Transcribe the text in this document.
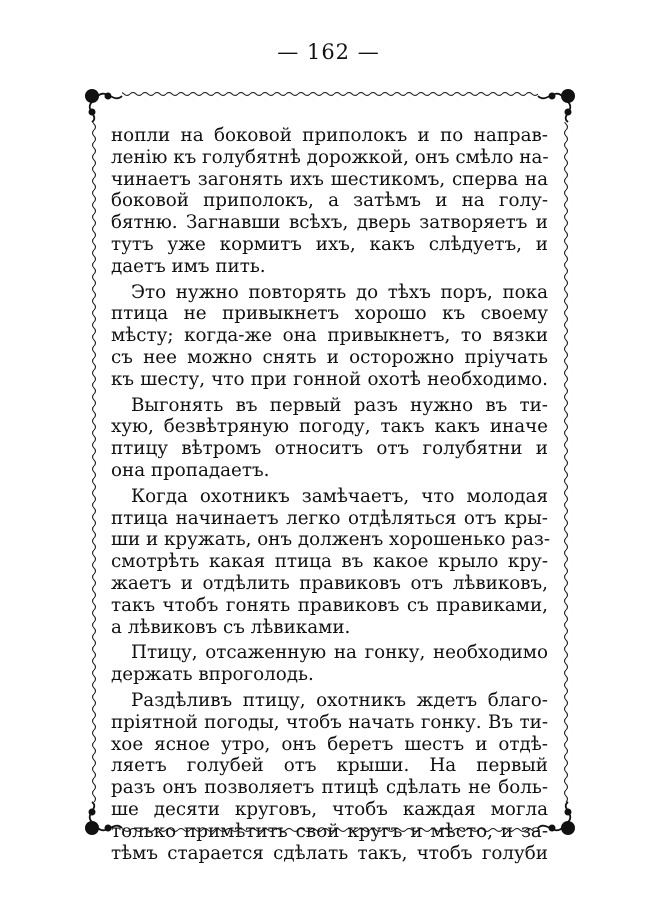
— 162 —
нопли на боковой приполокъ и по направ-
ленію къ голубятнѣ дорожкой, онъ смѣло на-
чинаетъ загонять ихъ шестикомъ, сперва на
боковой приполокъ, а затѣмъ и на голу-
бятню. Загнавши всѣхъ, дверь затворяетъ и
тутъ уже кормитъ ихъ, какъ слѣдуетъ, и
даетъ имъ пить.
Это нужно повторять до тѣхъ поръ, пока
птица не привыкнетъ хорошо къ своему
мѣсту; когда-же она привыкнетъ, то вязки
съ нее можно снять и осторожно пріучать
къ шесту, что при гонной охотѣ необходимо.
Выгонять въ первый разъ нужно въ ти-
хую, безвѣтряную погоду, такъ какъ иначе
птицу вѣтромъ относитъ отъ голубятни и
она пропадаетъ.
Когда охотникъ замѣчаетъ, что молодая
птица начинаетъ легко отдѣляться отъ кры-
ши и кружать, онъ долженъ хорошенько раз-
смотрѣть какая птица въ какое крыло кру-
жаетъ и отдѣлить правиковъ отъ лѣвиковъ,
такъ чтобъ гонять правиковъ съ правиками,
а лѣвиковъ съ лѣвиками.
Птицу, отсаженную на гонку, необходимо
держать впроголодь.
Раздѣливъ птицу, охотникъ ждетъ благо-
пріятной погоды, чтобъ начать гонку. Въ ти-
хое ясное утро, онъ беретъ шестъ и отдѣ-
ляетъ голубей отъ крыши. На первый
разъ онъ позволяетъ птицѣ сдѣлать не боль-
ше десяти круговъ, чтобъ каждая могла
только примѣтить свой кругъ и мѣсто, и за-
тѣмъ старается сдѣлать такъ, чтобъ голуби
